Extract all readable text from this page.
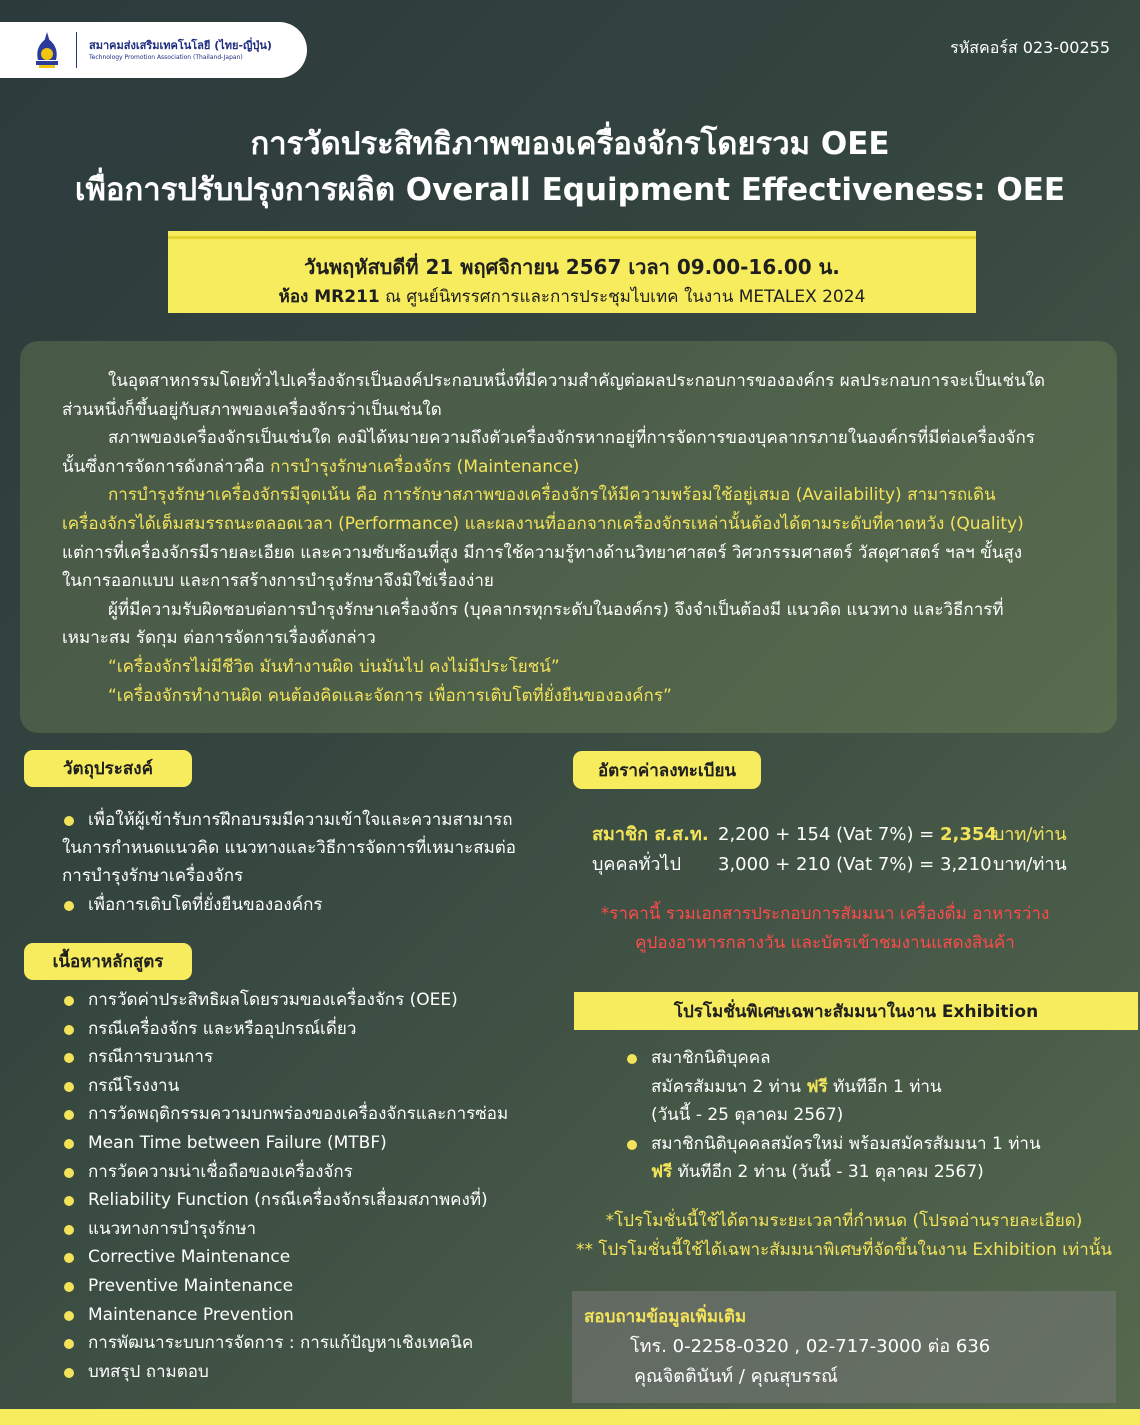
สมาคมส่งเสริมเทคโนโลยี (ไทย-ญี่ปุ่น)
Technology Promotion Association (Thailand-Japan)	รหัสคอร์ส 023-00255
การวัดประสิทธิภาพของเครื่องจักรโดยรวม OEE
เพื่อการปรับปรุงการผลิต Overall Equipment Effectiveness: OEE
วันพฤหัสบดีที่ 21 พฤศจิกายน 2567 เวลา 09.00-16.00 น.
ห้อง MR211 ณ ศูนย์นิทรรศการและการประชุมไบเทค ในงาน METALEX 2024

ในอุตสาหกรรมโดยทั่วไปเครื่องจักรเป็นองค์ประกอบหนึ่งที่มีความสำคัญต่อผลประกอบการขององค์กร ผลประกอบการจะเป็นเช่นใด

ส่วนหนึ่งก็ขึ้นอยู่กับสภาพของเครื่องจักรว่าเป็นเช่นใด

สภาพของเครื่องจักรเป็นเช่นใด คงมิได้หมายความถึงตัวเครื่องจักรหากอยู่ที่การจัดการของบุคลากรภายในองค์กรที่มีต่อเครื่องจักร

นั้นซึ่งการจัดการดังกล่าวคือ การบำรุงรักษาเครื่องจักร (Maintenance)

การบำรุงรักษาเครื่องจักรมีจุดเน้น คือ การรักษาสภาพของเครื่องจักรให้มีความพร้อมใช้อยู่เสมอ (Availability) สามารถเดิน

เครื่องจักรได้เต็มสมรรถนะตลอดเวลา (Performance) และผลงานที่ออกจากเครื่องจักรเหล่านั้นต้องได้ตามระดับที่คาดหวัง (Quality)

แต่การที่เครื่องจักรมีรายละเอียด และความซับซ้อนที่สูง มีการใช้ความรู้ทางด้านวิทยาศาสตร์ วิศวกรรมศาสตร์ วัสดุศาสตร์ ฯลฯ ขั้นสูง

ในการออกแบบ และการสร้างการบำรุงรักษาจึงมิใช่เรื่องง่าย

ผู้ที่มีความรับผิดชอบต่อการบำรุงรักษาเครื่องจักร (บุคลากรทุกระดับในองค์กร) จึงจำเป็นต้องมี แนวคิด แนวทาง และวิธีการที่

เหมาะสม รัดกุม ต่อการจัดการเรื่องดังกล่าว

“เครื่องจักรไม่มีชีวิต มันทำงานผิด บ่นมันไป คงไม่มีประโยชน์”

“เครื่องจักรทำงานผิด คนต้องคิดและจัดการ เพื่อการเติบโตที่ยั่งยืนขององค์กร”

วัตถุประสงค์
เพื่อให้ผู้เข้ารับการฝึกอบรมมีความเข้าใจและความสามารถ
ในการกำหนดแนวคิด แนวทางและวิธีการจัดการที่เหมาะสมต่อ
การบำรุงรักษาเครื่องจักร
เพื่อการเติบโตที่ยั่งยืนขององค์กร
เนื้อหาหลักสูตร
การวัดค่าประสิทธิผลโดยรวมของเครื่องจักร (OEE)
กรณีเครื่องจักร และหรืออุปกรณ์เดี่ยว
กรณีการบวนการ
กรณีโรงงาน
การวัดพฤติกรรมความบกพร่องของเครื่องจักรและการซ่อม
Mean Time between Failure (MTBF)
การวัดความน่าเชื่อถือของเครื่องจักร
Reliability Function (กรณีเครื่องจักรเสื่อมสภาพคงที่)
แนวทางการบำรุงรักษา
Corrective Maintenance
Preventive Maintenance
Maintenance Prevention
การพัฒนาระบบการจัดการ : การแก้ปัญหาเชิงเทคนิค
บทสรุป ถามตอบ
อัตราค่าลงทะเบียน
สมาชิก ส.ส.ท. 2,200 + 154 (Vat 7%) = 2,354
บาท/ท่าน
บุคคลทั่วไป	3,000 + 210 (Vat 7%) = 3,210 บาท/ท่าน
*ราคานี้ รวมเอกสารประกอบการสัมมนา เครื่องดื่ม อาหารว่าง
คูปองอาหารกลางวัน และบัตรเข้าชมงานแสดงสินค้า
โปรโมชั่นพิเศษเฉพาะสัมมนาในงาน Exhibition
สมาชิกนิติบุคคล
สมัครสัมมนา 2 ท่าน ฟรี ทันทีอีก 1 ท่าน
(วันนี้ - 25 ตุลาคม 2567)
สมาชิกนิติบุคคลสมัครใหม่ พร้อมสมัครสัมมนา 1 ท่าน
ฟรี ทันทีอีก 2 ท่าน (วันนี้ - 31 ตุลาคม 2567)
*โปรโมชั่นนี้ใช้ได้ตามระยะเวลาที่กำหนด (โปรดอ่านรายละเอียด)
** โปรโมชั่นนี้ใช้ได้เฉพาะสัมมนาพิเศษที่จัดขึ้นในงาน Exhibition เท่านั้น
สอบถามข้อมูลเพิ่มเติม
โทร. 0-2258-0320 , 02-717-3000 ต่อ 636
คุณจิตตินันท์ / คุณสุบรรณ์
